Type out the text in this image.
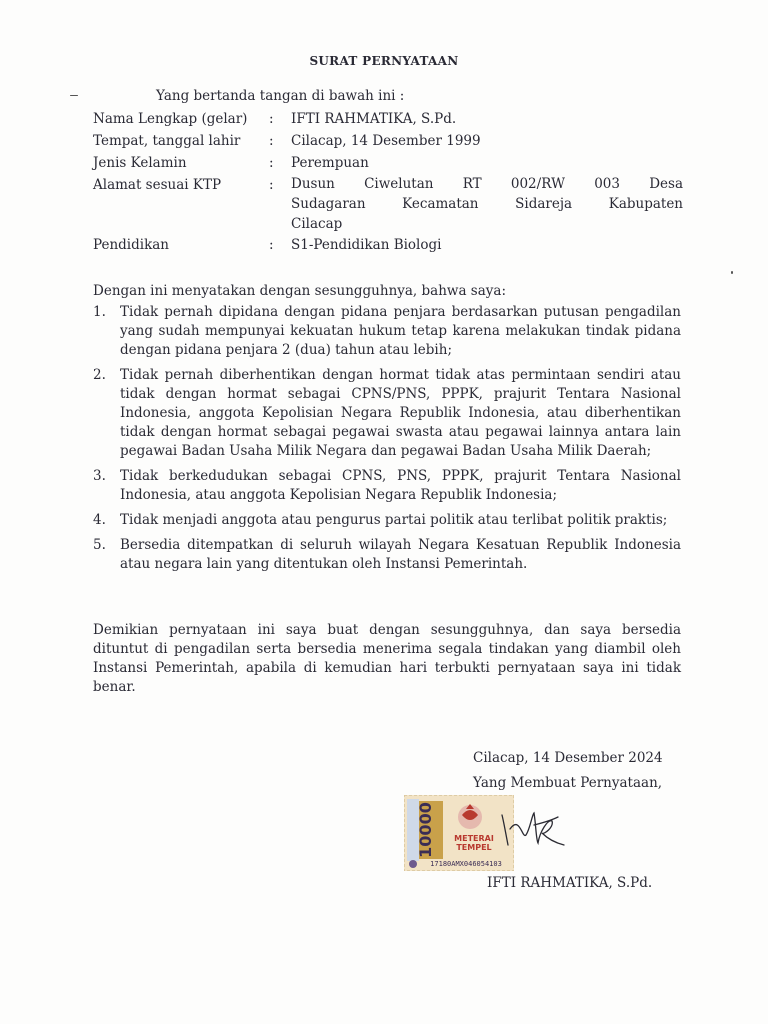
SURAT PERNYATAAN
Yang bertanda tangan di bawah ini :
Nama Lengkap (gelar)	:	IFTI RAHMATIKA, S.Pd.
Tempat, tanggal lahir	:	Cilacap, 14 Desember 1999
Jenis Kelamin	:	Perempuan
Alamat sesuai KTP	:	Dusun Ciwelutan RT 002/RW 003 Desa
Sudagaran Kecamatan Sidareja Kabupaten
Cilacap
Pendidikan	:	S1-Pendidikan Biologi
Dengan ini menyatakan dengan sesungguhnya, bahwa saya:
1.	Tidak pernah dipidana dengan pidana penjara berdasarkan putusan pengadilan yang sudah mempunyai kekuatan hukum tetap karena melakukan tindak pidana dengan pidana penjara 2 (dua) tahun atau lebih;
2.	Tidak pernah diberhentikan dengan hormat tidak atas permintaan sendiri atau tidak dengan hormat sebagai CPNS/PNS, PPPK, prajurit Tentara Nasional Indonesia, anggota Kepolisian Negara Republik Indonesia, atau diberhentikan tidak dengan hormat sebagai pegawai swasta atau pegawai lainnya antara lain pegawai Badan Usaha Milik Negara dan pegawai Badan Usaha Milik Daerah;
3.	Tidak berkedudukan sebagai CPNS, PNS, PPPK, prajurit Tentara Nasional Indonesia, atau anggota Kepolisian Negara Republik Indonesia;
4.	Tidak menjadi anggota atau pengurus partai politik atau terlibat politik praktis;
5.	Bersedia ditempatkan di seluruh wilayah Negara Kesatuan Republik Indonesia atau negara lain yang ditentukan oleh Instansi Pemerintah.
Demikian pernyataan ini saya buat dengan sesungguhnya, dan saya bersedia dituntut di pengadilan serta bersedia menerima segala tindakan yang diambil oleh Instansi Pemerintah, apabila di kemudian hari terbukti pernyataan saya ini tidak benar.
Cilacap, 14 Desember 2024
Yang Membuat Pernyataan,
10000 METERAI
TEMPEL
17180AMX046054103
IFTI RAHMATIKA, S.Pd.
